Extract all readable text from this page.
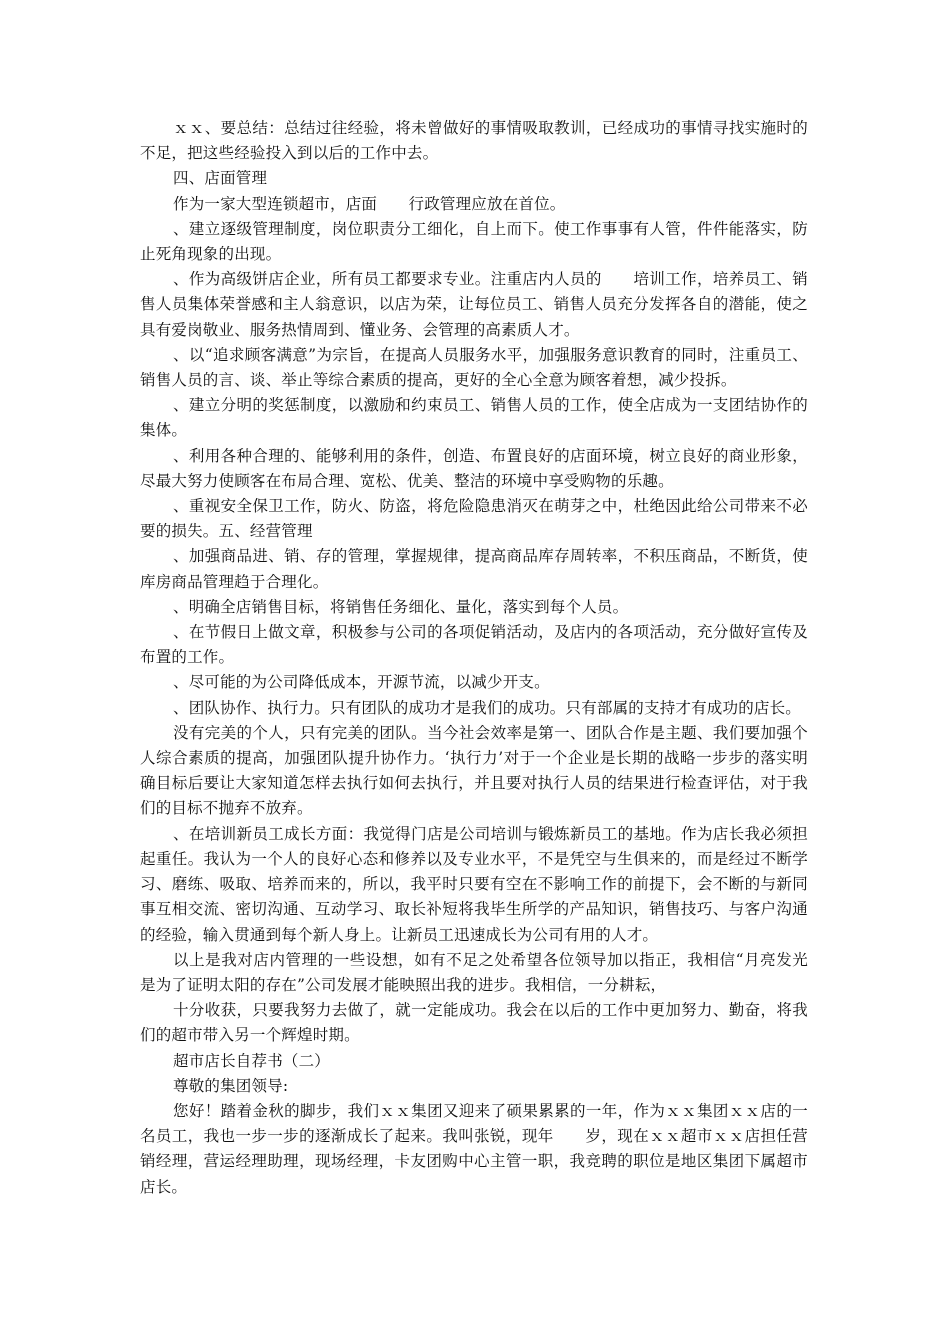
ｘｘ、要总结：总结过往经验，将未曾做好的事情吸取教训，已经成功的事情寻找实施时的不足，把这些经验投入到以后的工作中去。

四、店面管理

作为一家大型连锁超市，店面　　行政管理应放在首位。

、建立逐级管理制度，岗位职责分工细化，自上而下。使工作事事有人管，件件能落实，防止死角现象的出现。

、作为高级饼店企业，所有员工都要求专业。注重店内人员的　　培训工作，培养员工、销售人员集体荣誉感和主人翁意识，以店为荣，让每位员工、销售人员充分发挥各自的潜能，使之具有爱岗敬业、服务热情周到、懂业务、会管理的高素质人才。

、以“追求顾客满意”为宗旨，在提高人员服务水平，加强服务意识教育的同时，注重员工、销售人员的言、谈、举止等综合素质的提高，更好的全心全意为顾客着想，减少投拆。

、建立分明的奖惩制度，以激励和约束员工、销售人员的工作，使全店成为一支团结协作的集体。

、利用各种合理的、能够利用的条件，创造、布置良好的店面环境，树立良好的商业形象，尽最大努力使顾客在布局合理、宽松、优美、整洁的环境中享受购物的乐趣。

、重视安全保卫工作，防火、防盗，将危险隐患消灭在萌芽之中，杜绝因此给公司带来不必要的损失。五、经营管理

、加强商品进、销、存的管理，掌握规律，提高商品库存周转率，不积压商品，不断货，使库房商品管理趋于合理化。

、明确全店销售目标，将销售任务细化、量化，落实到每个人员。

、在节假日上做文章，积极参与公司的各项促销活动，及店内的各项活动，充分做好宣传及布置的工作。

、尽可能的为公司降低成本，开源节流，以减少开支。

、团队协作、执行力。只有团队的成功才是我们的成功。只有部属的支持才有成功的店长。

没有完美的个人，只有完美的团队。当今社会效率是第一、团队合作是主题、我们要加强个人综合素质的提高，加强团队提升协作力。‘执行力’对于一个企业是长期的战略一步步的落实明确目标后要让大家知道怎样去执行如何去执行，并且要对执行人员的结果进行检查评估，对于我们的目标不抛弃不放弃。

、在培训新员工成长方面：我觉得门店是公司培训与锻炼新员工的基地。作为店长我必须担起重任。我认为一个人的良好心态和修养以及专业水平，不是凭空与生俱来的，而是经过不断学习、磨练、吸取、培养而来的，所以，我平时只要有空在不影响工作的前提下，会不断的与新同事互相交流、密切沟通、互动学习、取长补短将我毕生所学的产品知识，销售技巧、与客户沟通的经验，输入贯通到每个新人身上。让新员工迅速成长为公司有用的人才。

以上是我对店内管理的一些设想，如有不足之处希望各位领导加以指正，我相信“月亮发光是为了证明太阳的存在”公司发展才能映照出我的进步。我相信，一分耕耘，

十分收获，只要我努力去做了，就一定能成功。我会在以后的工作中更加努力、勤奋，将我们的超市带入另一个辉煌时期。

超市店长自荐书（二）

尊敬的集团领导:

您好！踏着金秋的脚步，我们ｘｘ集团又迎来了硕果累累的一年，作为ｘｘ集团ｘｘ店的一名员工，我也一步一步的逐渐成长了起来。我叫张锐，现年　　岁，现在ｘｘ超市ｘｘ店担任营销经理，营运经理助理，现场经理，卡友团购中心主管一职，我竞聘的职位是地区集团下属超市店长。
